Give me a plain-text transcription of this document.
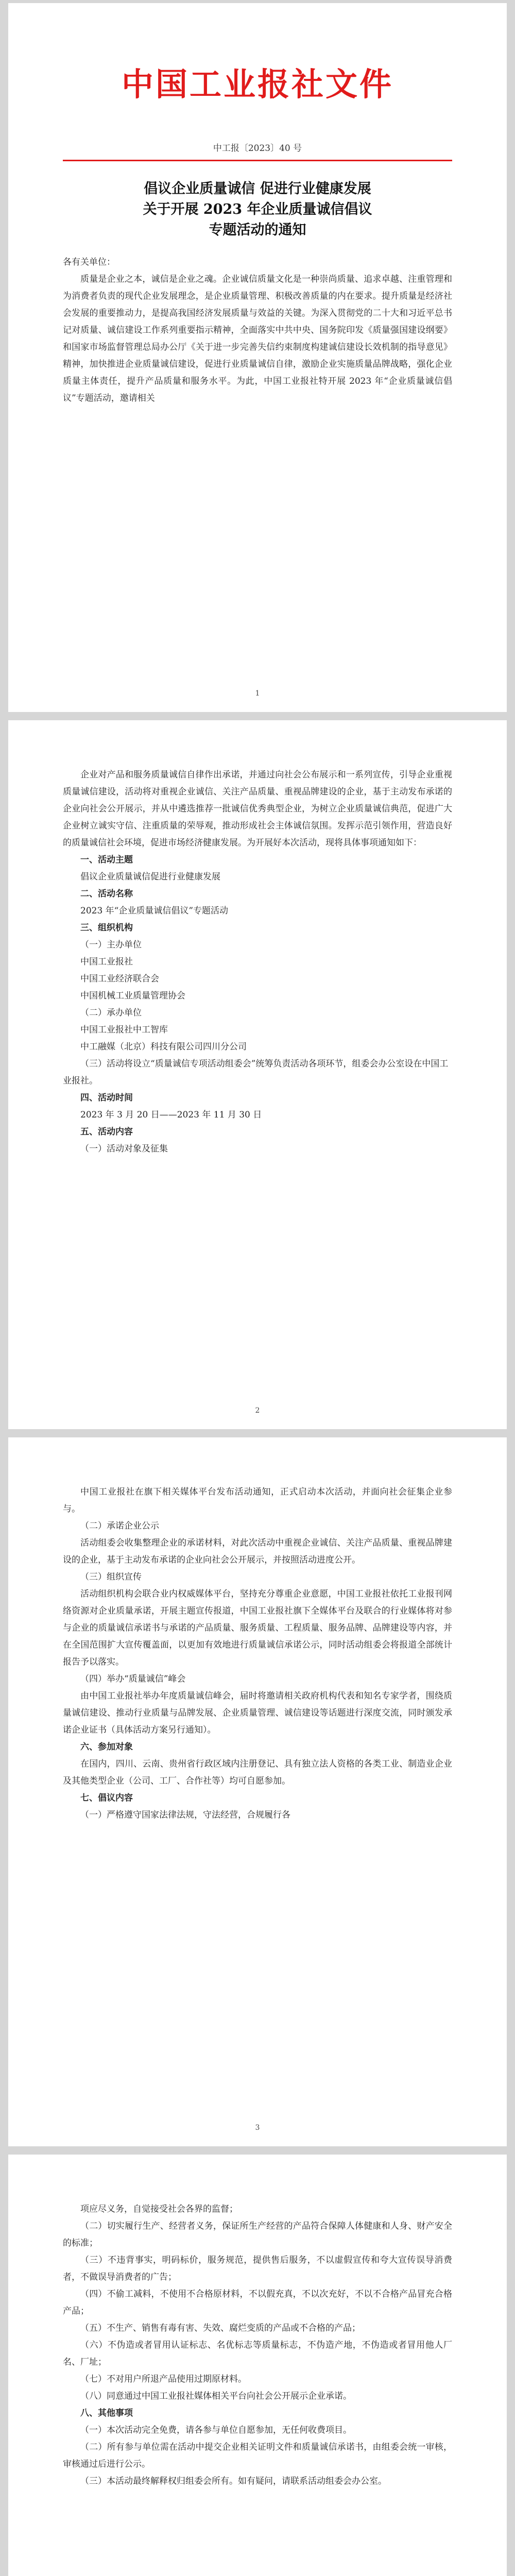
中国工业报社文件
中工报〔2023〕40 号

倡议企业质量诚信 促进行业健康发展

关于开展 2023 年企业质量诚信倡议

专题活动的通知

各有关单位：

质量是企业之本，诚信是企业之魂。企业诚信质量文化是一种崇尚质量、追求卓越、注重管理和为消费者负责的现代企业发展理念，是企业质量管理、积极改善质量的内在要求。提升质量是经济社会发展的重要推动力，是提高我国经济发展质量与效益的关键。为深入贯彻党的二十大和习近平总书记对质量、诚信建设工作系列重要指示精神，全面落实中共中央、国务院印发《质量强国建设纲要》和国家市场监督管理总局办公厅《关于进一步完善失信约束制度构建诚信建设长效机制的指导意见》精神，加快推进企业质量诚信建设，促进行业质量诚信自律，激励企业实施质量品牌战略，强化企业质量主体责任，提升产品质量和服务水平。为此，中国工业报社特开展 2023 年“企业质量诚信倡议”专题活动，邀请相关

1

企业对产品和服务质量诚信自律作出承诺，并通过向社会公布展示和一系列宣传，引导企业重视质量诚信建设，活动将对重视企业诚信、关注产品质量、重视品牌建设的企业，基于主动发布承诺的企业向社会公开展示，并从中遴选推荐一批诚信优秀典型企业，为树立企业质量诚信典范，促进广大企业树立诚实守信、注重质量的荣辱观，推动形成社会主体诚信氛围。发挥示范引领作用，营造良好的质量诚信社会环境，促进市场经济健康发展。为开展好本次活动，现将具体事项通知如下：

一、活动主题

倡议企业质量诚信促进行业健康发展

二、活动名称

2023 年“企业质量诚信倡议”专题活动

三、组织机构

（一）主办单位

中国工业报社

中国工业经济联合会

中国机械工业质量管理协会

（二）承办单位

中国工业报社中工智库

中工融媒（北京）科技有限公司四川分公司

（三）活动将设立“质量诚信专项活动组委会”统筹负责活动各项环节，组委会办公室设在中国工业报社。

四、活动时间

2023 年 3 月 20 日——2023 年 11 月 30 日

五、活动内容

（一）活动对象及征集

2

中国工业报社在旗下相关媒体平台发布活动通知，正式启动本次活动，并面向社会征集企业参与。

（二）承诺企业公示

活动组委会收集整理企业的承诺材料，对此次活动中重视企业诚信、关注产品质量、重视品牌建设的企业，基于主动发布承诺的企业向社会公开展示，并按照活动进度公开。

（三）组织宣传

活动组织机构会联合业内权威媒体平台，坚持充分尊重企业意愿，中国工业报社依托工业报刊网络资源对企业质量承诺，开展主题宣传报道，中国工业报社旗下全媒体平台及联合的行业媒体将对参与企业的质量诚信承诺书与承诺的产品质量、服务质量、工程质量、服务品牌、品牌建设等内容，并在全国范围扩大宣传覆盖面，以更加有效地进行质量诚信承诺公示，同时活动组委会将报道全部统计报告予以落实。

（四）举办“质量诚信”峰会

由中国工业报社举办年度质量诚信峰会，届时将邀请相关政府机构代表和知名专家学者，围绕质量诚信建设、推动行业质量与品牌发展、企业质量管理、诚信建设等话题进行深度交流，同时颁发承诺企业证书（具体活动方案另行通知）。

六、参加对象

在国内，四川、云南、贵州省行政区域内注册登记、具有独立法人资格的各类工业、制造业企业及其他类型企业（公司、工厂、合作社等）均可自愿参加。

七、倡议内容

（一）严格遵守国家法律法规，守法经营，合规履行各

3

项应尽义务，自觉接受社会各界的监督；

（二）切实履行生产、经营者义务，保证所生产经营的产品符合保障人体健康和人身、财产安全的标准；

（三）不违背事实，明码标价，服务规范，提供售后服务，不以虚假宣传和夸大宣传误导消费者，不做误导消费者的广告；

（四）不偷工减料，不使用不合格原材料，不以假充真，不以次充好，不以不合格产品冒充合格产品；

（五）不生产、销售有毒有害、失效、腐烂变质的产品或不合格的产品；

（六）不伪造或者冒用认证标志、名优标志等质量标志，不伪造产地，不伪造或者冒用他人厂名、厂址；

（七）不对用户所退产品使用过期原材料。

（八）同意通过中国工业报社媒体相关平台向社会公开展示企业承诺。

八、其他事项

（一）本次活动完全免费，请各参与单位自愿参加，无任何收费项目。

（二）所有参与单位需在活动中提交企业相关证明文件和质量诚信承诺书，由组委会统一审核，审核通过后进行公示。

（三）本活动最终解释权归组委会所有。如有疑问，请联系活动组委会办公室。
